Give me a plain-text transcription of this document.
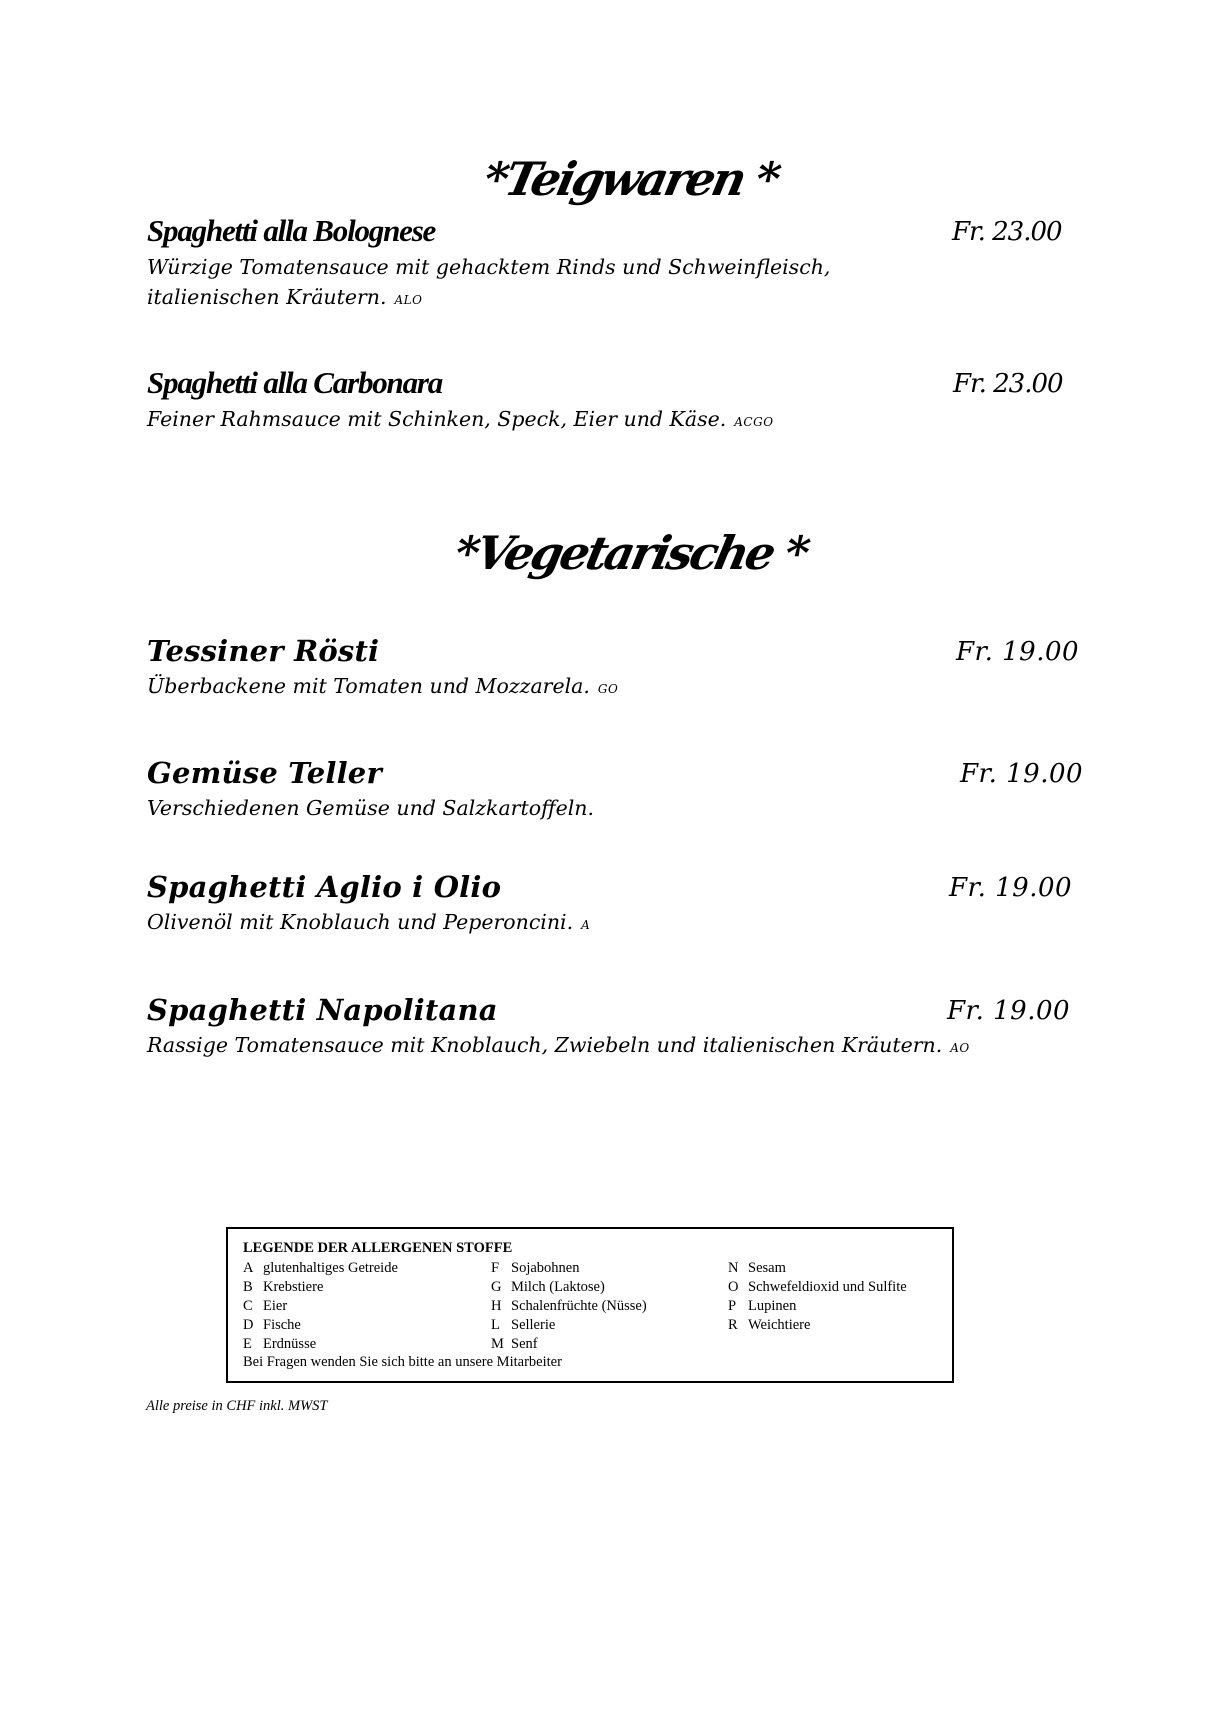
*Teigwaren *
Spaghetti alla Bolognese	Fr. 23.00
Würzige Tomatensauce mit gehacktem Rinds und Schweinfleisch,
italienischen Kräutern. ALO
Spaghetti alla Carbonara	Fr. 23.00
Feiner Rahmsauce mit Schinken, Speck, Eier und Käse. ACGO
*Vegetarische *
Tessiner Rösti	Fr. 19.00
Überbackene mit Tomaten und Mozzarela. GO
Gemüse Teller	Fr. 19.00
Verschiedenen Gemüse und Salzkartoffeln.
Spaghetti Aglio i Olio	Fr. 19.00
Olivenöl mit Knoblauch und Peperoncini. A
Spaghetti Napolitana	Fr. 19.00
Rassige Tomatensauce mit Knoblauch, Zwiebeln und italienischen Kräutern. AO
LEGENDE DER ALLERGENEN STOFFE
A glutenhaltiges Getreide
B Krebstiere
C Eier
D Fische
E Erdnüsse
F Sojabohnen
G Milch (Laktose)
H Schalenfrüchte (Nüsse)
L Sellerie
M Senf
N Sesam
O Schwefeldioxid und Sulfite
P Lupinen
R Weichtiere
Bei Fragen wenden Sie sich bitte an unsere Mitarbeiter
Alle preise in CHF inkl. MWST
